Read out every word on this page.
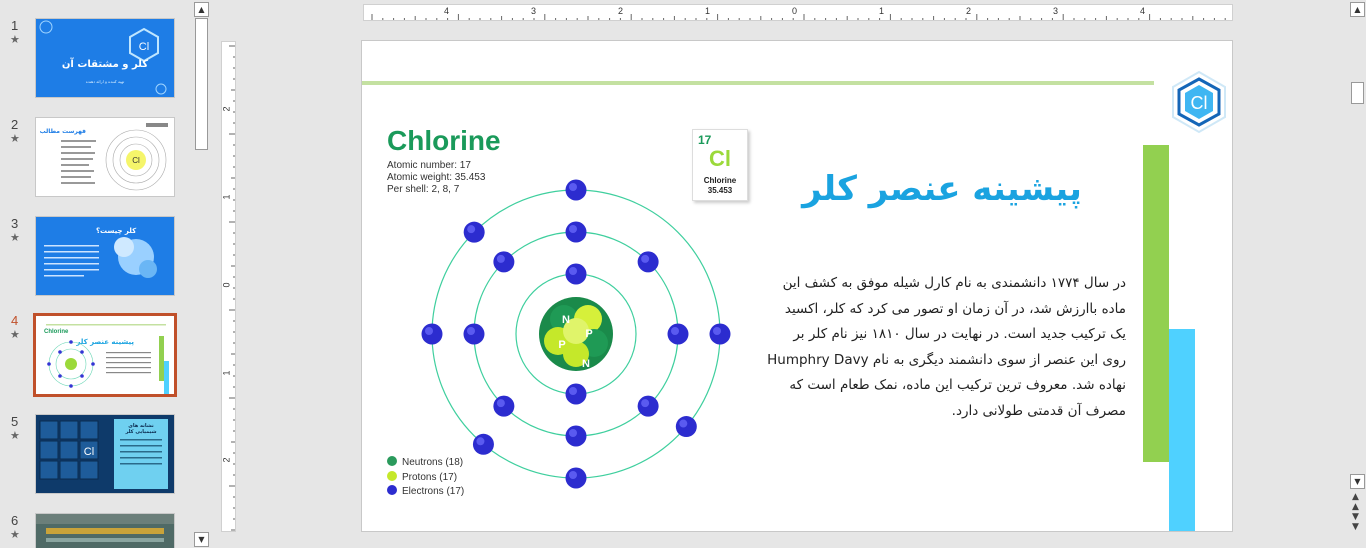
1
★
Cl
کلر و مشتقات آن
تهیه کننده و ارائه دهنده
2
★
فهرست مطالب
Cl
3
★	کلر چیست؟
4
★
پیشینه عنصر کلر
Chlorine
5
★
Cl
نشانه های شیمیایی کلر
6
★
▲
▼
4	3	2	1	0	1	2	3	4
2
1
0
1
2
Cl
Chlorine
Atomic number: 17
Atomic weight: 35.453
Per shell: 2, 8, 7
17
Cl
Chlorine
35.453
N
P
P
N
Neutrons (18)
Protons (17)
Electrons (17)
پیشینه عنصر کلر
در سال ۱۷۷۴ دانشمندی به نام کارل شیله موفق به کشف این
ماده باارزش شد، در آن زمان او تصور می کرد که کلر، اکسید
یک ترکیب جدید است. در نهایت در سال ۱۸۱۰ نیز نام کلر بر
روی این عنصر از سوی دانشمند دیگری به نام Humphry Davy
نهاده شد. معروف ترین ترکیب این ماده، نمک طعام است که
مصرف آن قدمتی طولانی دارد.
▲
▼
▲
▲
▼
▼
